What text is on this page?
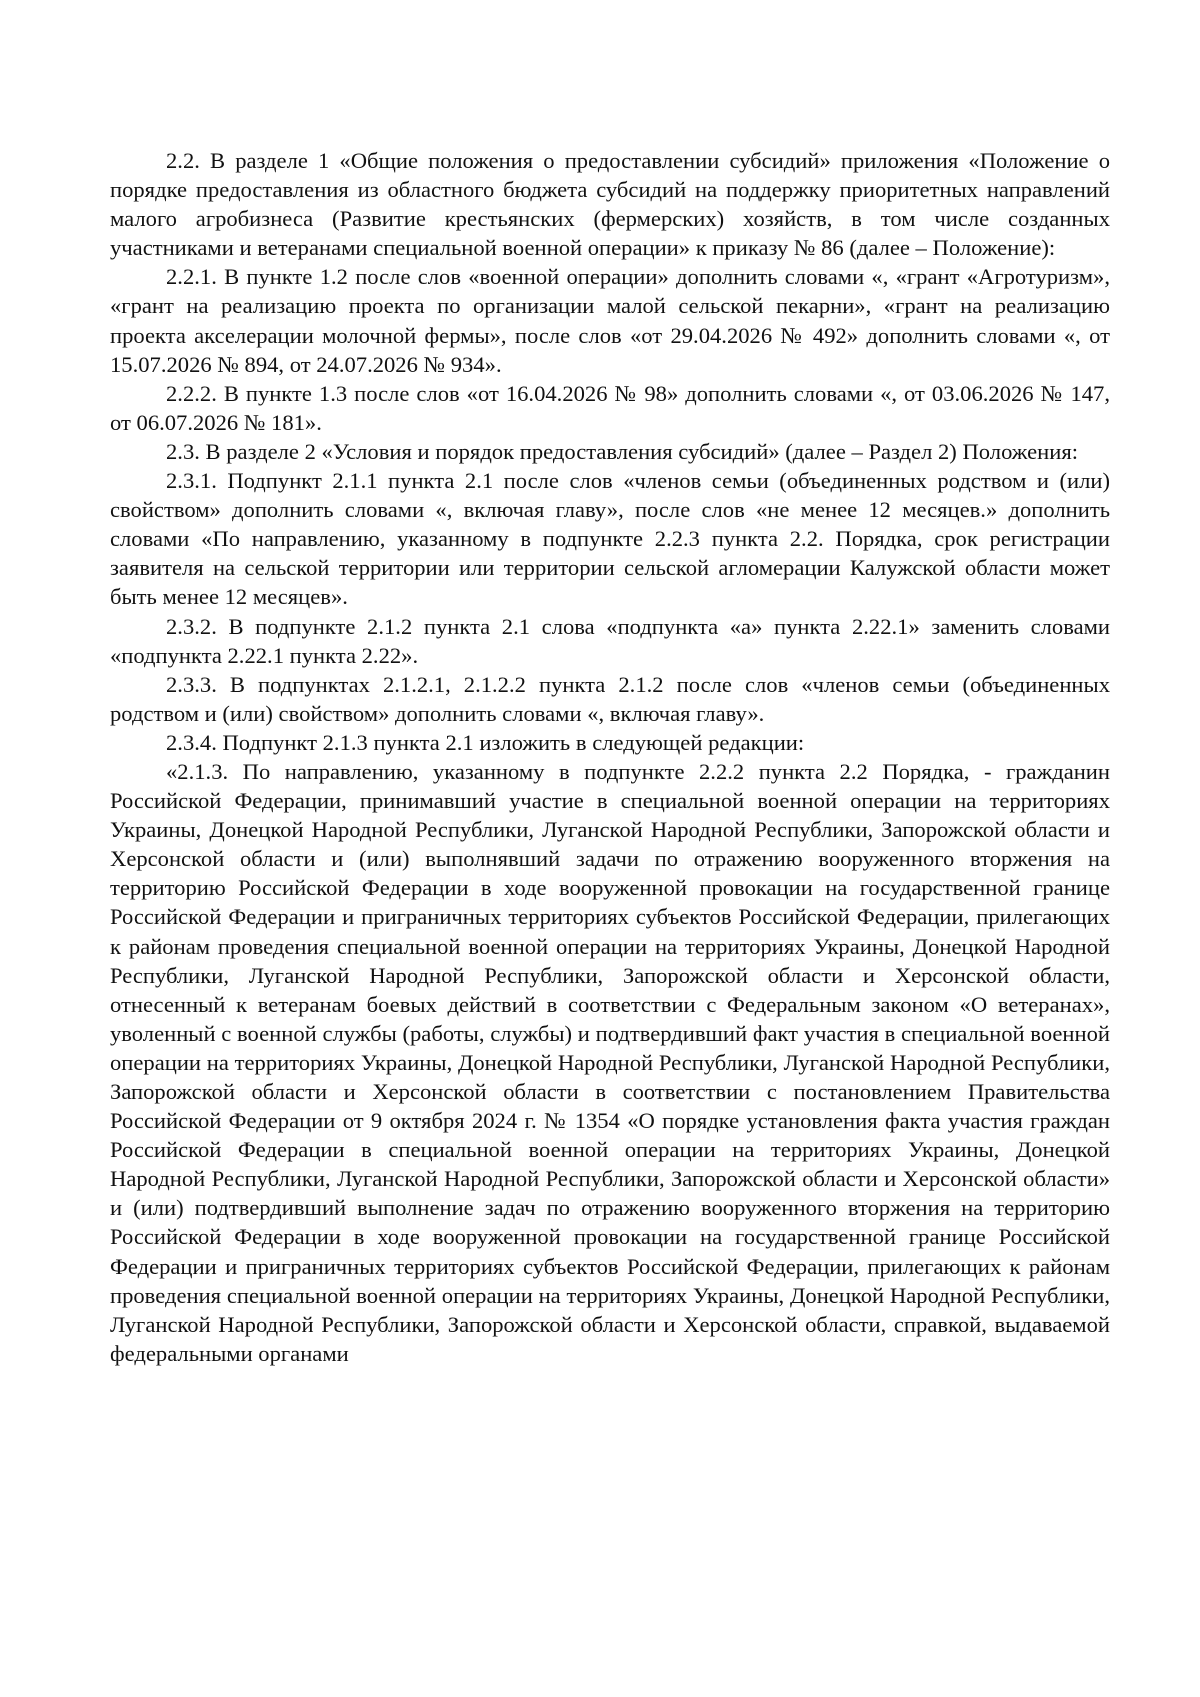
2.2. В разделе 1 «Общие положения о предоставлении субсидий» приложения «Положение о порядке предоставления из областного бюджета субсидий на поддержку приоритетных направлений малого агробизнеса (Развитие крестьянских (фермерских) хозяйств, в том числе созданных участниками и ветеранами специальной военной операции» к приказу № 86 (далее – Положение):

2.2.1. В пункте 1.2 после слов «военной операции» дополнить словами «, «грант «Агротуризм», «грант на реализацию проекта по организации малой сельской пекарни», «грант на реализацию проекта акселерации молочной фермы», после слов «от 29.04.2026 № 492» дополнить словами «, от 15.07.2026 № 894, от 24.07.2026 № 934».

2.2.2. В пункте 1.3 после слов «от 16.04.2026 № 98» дополнить словами «, от 03.06.2026 № 147, от 06.07.2026 № 181».

2.3. В разделе 2 «Условия и порядок предоставления субсидий» (далее – Раздел 2) Положения:

2.3.1. Подпункт 2.1.1 пункта 2.1 после слов «членов семьи (объединенных родством и (или) свойством» дополнить словами «, включая главу», после слов «не менее 12 месяцев.» дополнить словами «По направлению, указанному в подпункте 2.2.3 пункта 2.2. Порядка, срок регистрации заявителя на сельской территории или территории сельской агломерации Калужской области может быть менее 12 месяцев».

2.3.2. В подпункте 2.1.2 пункта 2.1 слова «подпункта «а» пункта 2.22.1» заменить словами «подпункта 2.22.1 пункта 2.22».

2.3.3. В подпунктах 2.1.2.1, 2.1.2.2 пункта 2.1.2 после слов «членов семьи (объединенных родством и (или) свойством» дополнить словами «, включая главу».

2.3.4. Подпункт 2.1.3 пункта 2.1 изложить в следующей редакции:

«2.1.3. По направлению, указанному в подпункте 2.2.2 пункта 2.2 Порядка, - гражданин Российской Федерации, принимавший участие в специальной военной операции на территориях Украины, Донецкой Народной Республики, Луганской Народной Республики, Запорожской области и Херсонской области и (или) выполнявший задачи по отражению вооруженного вторжения на территорию Российской Федерации в ходе вооруженной провокации на государственной границе Российской Федерации и приграничных территориях субъектов Российской Федерации, прилегающих к районам проведения специальной военной операции на территориях Украины, Донецкой Народной Республики, Луганской Народной Республики, Запорожской области и Херсонской области, отнесенный к ветеранам боевых действий в соответствии с Федеральным законом «О ветеранах», уволенный с военной службы (работы, службы) и подтвердивший факт участия в специальной военной операции на территориях Украины, Донецкой Народной Республики, Луганской Народной Республики, Запорожской области и Херсонской области в соответствии с постановлением Правительства Российской Федерации от 9 октября 2024 г. № 1354 «О порядке установления факта участия граждан Российской Федерации в специальной военной операции на территориях Украины, Донецкой Народной Республики, Луганской Народной Республики, Запорожской области и Херсонской области» и (или) подтвердивший выполнение задач по отражению вооруженного вторжения на территорию Российской Федерации в ходе вооруженной провокации на государственной границе Российской Федерации и приграничных территориях субъектов Российской Федерации, прилегающих к районам проведения специальной военной операции на территориях Украины, Донецкой Народной Республики, Луганской Народной Республики, Запорожской области и Херсонской области, справкой, выдаваемой федеральными органами
